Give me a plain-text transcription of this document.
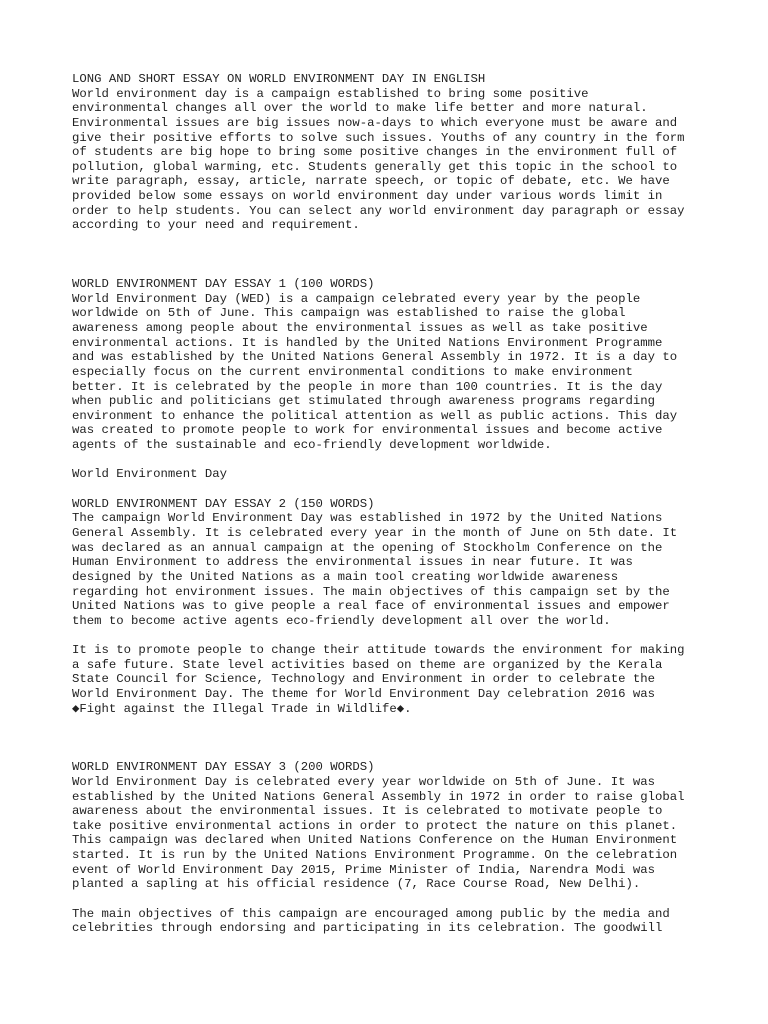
LONG AND SHORT ESSAY ON WORLD ENVIRONMENT DAY IN ENGLISH
World environment day is a campaign established to bring some positive
environmental changes all over the world to make life better and more natural.
Environmental issues are big issues now-a-days to which everyone must be aware and
give their positive efforts to solve such issues. Youths of any country in the form
of students are big hope to bring some positive changes in the environment full of
pollution, global warming, etc. Students generally get this topic in the school to
write paragraph, essay, article, narrate speech, or topic of debate, etc. We have
provided below some essays on world environment day under various words limit in
order to help students. You can select any world environment day paragraph or essay
according to your need and requirement.
WORLD ENVIRONMENT DAY ESSAY 1 (100 WORDS)
World Environment Day (WED) is a campaign celebrated every year by the people
worldwide on 5th of June. This campaign was established to raise the global
awareness among people about the environmental issues as well as take positive
environmental actions. It is handled by the United Nations Environment Programme
and was established by the United Nations General Assembly in 1972. It is a day to
especially focus on the current environmental conditions to make environment
better. It is celebrated by the people in more than 100 countries. It is the day
when public and politicians get stimulated through awareness programs regarding
environment to enhance the political attention as well as public actions. This day
was created to promote people to work for environmental issues and become active
agents of the sustainable and eco-friendly development worldwide.
World Environment Day
WORLD ENVIRONMENT DAY ESSAY 2 (150 WORDS)
The campaign World Environment Day was established in 1972 by the United Nations
General Assembly. It is celebrated every year in the month of June on 5th date. It
was declared as an annual campaign at the opening of Stockholm Conference on the
Human Environment to address the environmental issues in near future. It was
designed by the United Nations as a main tool creating worldwide awareness
regarding hot environment issues. The main objectives of this campaign set by the
United Nations was to give people a real face of environmental issues and empower
them to become active agents eco-friendly development all over the world.
It is to promote people to change their attitude towards the environment for making
a safe future. State level activities based on theme are organized by the Kerala
State Council for Science, Technology and Environment in order to celebrate the
World Environment Day. The theme for World Environment Day celebration 2016 was
◆Fight against the Illegal Trade in Wildlife◆.
WORLD ENVIRONMENT DAY ESSAY 3 (200 WORDS)
World Environment Day is celebrated every year worldwide on 5th of June. It was
established by the United Nations General Assembly in 1972 in order to raise global
awareness about the environmental issues. It is celebrated to motivate people to
take positive environmental actions in order to protect the nature on this planet.
This campaign was declared when United Nations Conference on the Human Environment
started. It is run by the United Nations Environment Programme. On the celebration
event of World Environment Day 2015, Prime Minister of India, Narendra Modi was
planted a sapling at his official residence (7, Race Course Road, New Delhi).
The main objectives of this campaign are encouraged among public by the media and
celebrities through endorsing and participating in its celebration. The goodwill
